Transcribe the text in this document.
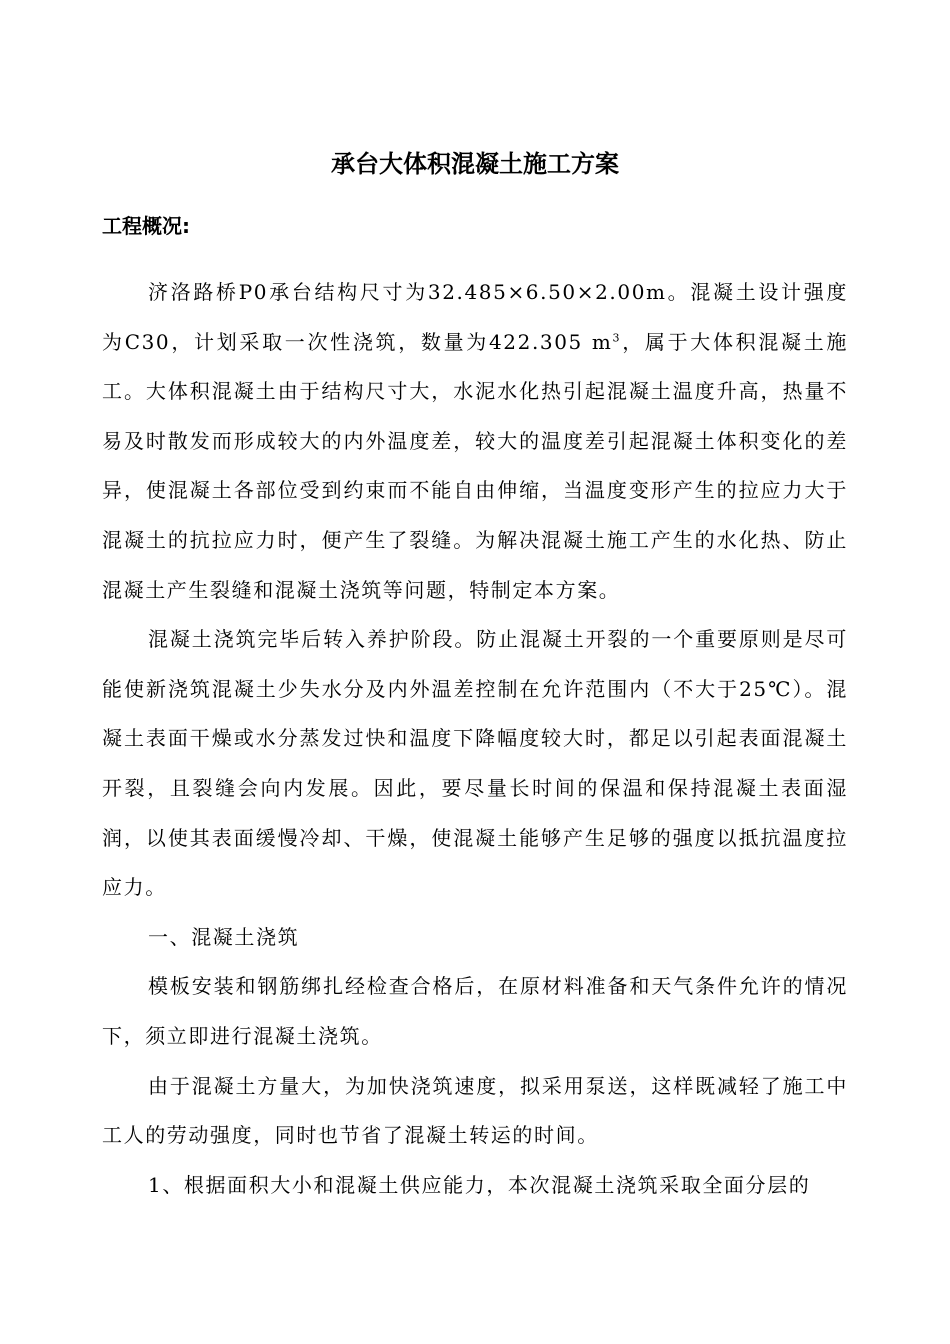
承台大体积混凝土施工方案
工程概况:

济洛路桥P0承台结构尺寸为32.485×6.50×2.00m。混凝土设计强度为C30，计划采取一次性浇筑，数量为422.305 $m^3$，属于大体积混凝土施工。大体积混凝土由于结构尺寸大，水泥水化热引起混凝土温度升高，热量不易及时散发而形成较大的内外温度差，较大的温度差引起混凝土体积变化的差异，使混凝土各部位受到约束而不能自由伸缩，当温度变形产生的拉应力大于混凝土的抗拉应力时，便产生了裂缝。为解决混凝土施工产生的水化热、防止混凝土产生裂缝和混凝土浇筑等问题，特制定本方案。

混凝土浇筑完毕后转入养护阶段。防止混凝土开裂的一个重要原则是尽可能使新浇筑混凝土少失水分及内外温差控制在允许范围内（不大于25℃）。混凝土表面干燥或水分蒸发过快和温度下降幅度较大时，都足以引起表面混凝土开裂，且裂缝会向内发展。因此，要尽量长时间的保温和保持混凝土表面湿润，以使其表面缓慢冷却、干燥，使混凝土能够产生足够的强度以抵抗温度拉应力。

一、混凝土浇筑

模板安装和钢筋绑扎经检查合格后，在原材料准备和天气条件允许的情况下，须立即进行混凝土浇筑。

由于混凝土方量大，为加快浇筑速度，拟采用泵送，这样既减轻了施工中工人的劳动强度，同时也节省了混凝土转运的时间。

1、根据面积大小和混凝土供应能力，本次混凝土浇筑采取全面分层的
